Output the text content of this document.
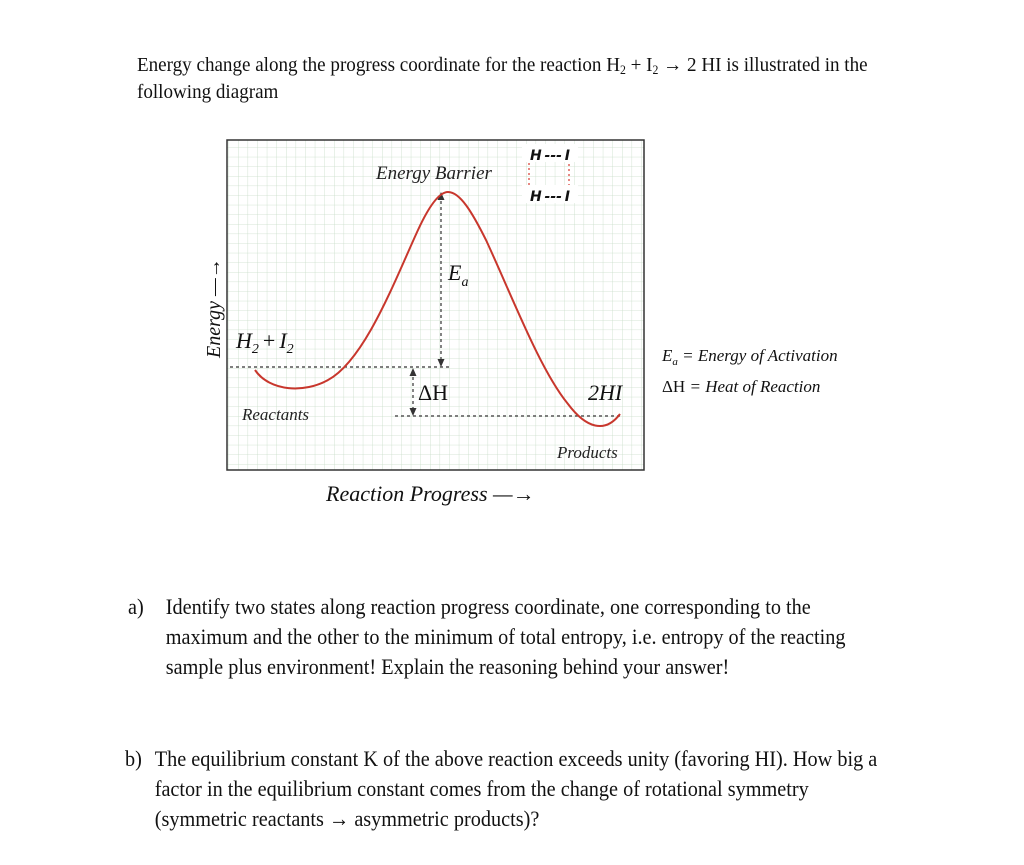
Energy change along the progress coordinate for the reaction $H_2 + I_2 \to 2$ HI is illustrated in the
following diagram
Energy —→
H --- I
H --- I
Energy Barrier
$E_a$
ΔH
$H_2 + I_2$
Reactants
2HI
Products
Reaction Progress —→
$E_a$ = Energy of Activation
ΔH = Heat of Reaction
a) Identify two states along reaction progress coordinate, one corresponding to the
maximum and the other to the minimum of total entropy, i.e. entropy of the reacting
sample plus environment! Explain the reasoning behind your answer!
b) The equilibrium constant K of the above reaction exceeds unity (favoring HI). How big a
factor in the equilibrium constant comes from the change of rotational symmetry
(symmetric reactants → asymmetric products)?
